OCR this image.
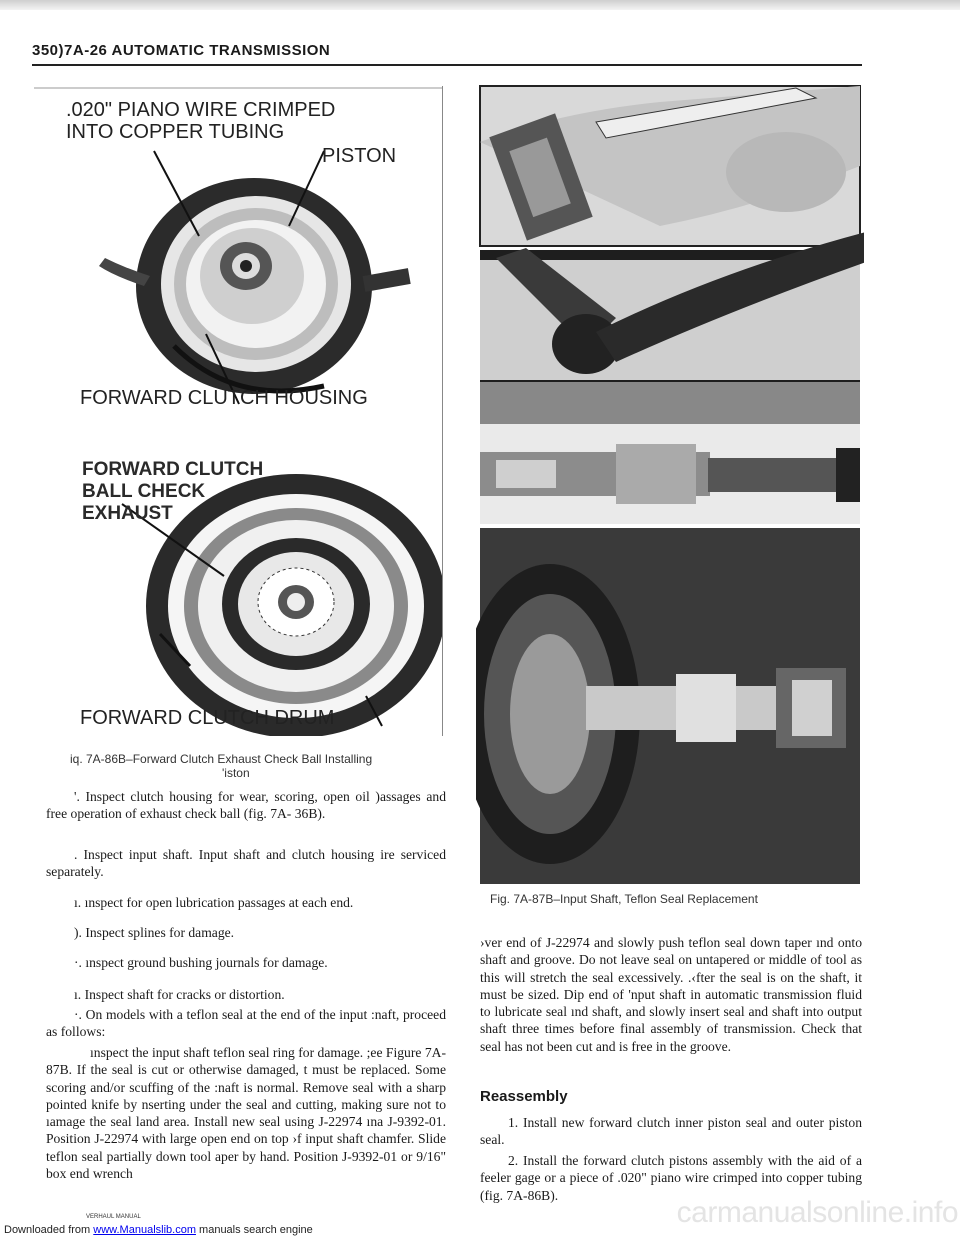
350)7A-26 AUTOMATIC TRANSMISSION
.020" PIANO WIRE CRIMPED
INTO COPPER TUBING
PISTON
FORWARD CLUTCH HOUSING
FORWARD CLUTCH
BALL CHECK
EXHAUST
FORWARD CLUTCH DRUM
iq. 7A-86B–Forward Clutch Exhaust Check Ball Installing
'iston
'. Inspect clutch housing for wear, scoring, open oil )assages and free operation of exhaust check ball (fig. 7A- 36B).
. Inspect input shaft. Input shaft and clutch housing ire serviced separately.
ı. ınspect for open lubrication passages at each end.
). Inspect splines for damage.
·. ınspect ground bushing journals for damage.
ı. Inspect shaft for cracks or distortion.
·. On models with a teflon seal at the end of the input :naft, proceed as follows:
ınspect the input shaft teflon seal ring for damage. ;ee Figure 7A-87B. If the seal is cut or otherwise damaged, t must be replaced. Some scoring and/or scuffing of the :naft is normal. Remove seal with a sharp pointed knife by nserting under the seal and cutting, making sure not to ıamage the seal land area. Install new seal using J-22974 ına J-9392-01. Position J-22974 with large open end on top ›f input shaft chamfer. Slide teflon seal partially down tool aper by hand. Position J-9392-01 or 9/16" box end wrench
Fig. 7A-87B–Input Shaft, Teflon Seal Replacement
›ver end of J-22974 and slowly push teflon seal down taper ınd onto shaft and groove. Do not leave seal on untapered or middle of tool as this will stretch the seal excessively. .‹fter the seal is on the shaft, it must be sized. Dip end of 'nput shaft in automatic transmission fluid to lubricate seal ınd shaft, and slowly insert seal and shaft into output shaft three times before final assembly of transmission. Check that seal has not been cut and is free in the groove.
Reassembly
1. Install new forward clutch inner piston seal and outer piston seal.
2. Install the forward clutch pistons assembly with the aid of a feeler gage or a piece of .020" piano wire crimped into copper tubing (fig. 7A-86B).
VERHAUL MANUAL
Downloaded from www.Manualslib.com manuals search engine
carmanualsonline.info
